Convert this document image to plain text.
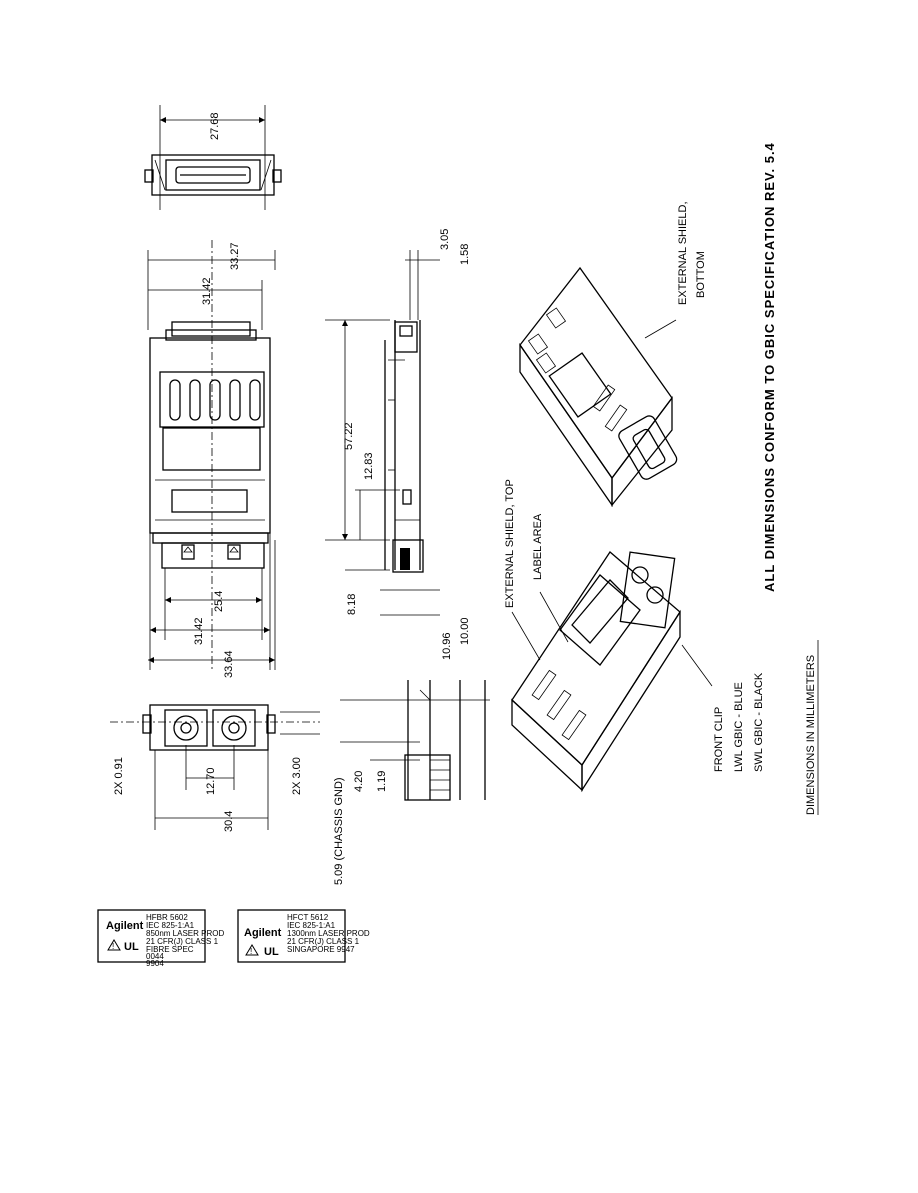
27.68
33.27
31.42
25.4
31.42
33.64
3.05
1.58
57.22
12.83
8.18
10.96
10.00
2X 0.91	12.70
30.4
2X 3.00	4.20 1.19
5.09 (CHASSIS GND)
EXTERNAL SHIELD, TOP LABEL AREA
EXTERNAL SHIELD, BOTTOM
FRONT CLIP LWL GBIC - BLUE SWL GBIC - BLACK
ALL DIMENSIONS CONFORM TO GBIC SPECIFICATION REV. 5.4
DIMENSIONS IN MILLIMETERS
Agilent
HFBR 5602
IEC 825-1:A1
850nm LASER PROD
21 CFR(J) CLASS 1
FIBRE SPEC
0044
9904
! UL
Agilent
HFCT 5612
IEC 825-1:A1
1300nm LASER PROD
21 CFR(J) CLASS 1
SINGAPORE 9947
! UL
